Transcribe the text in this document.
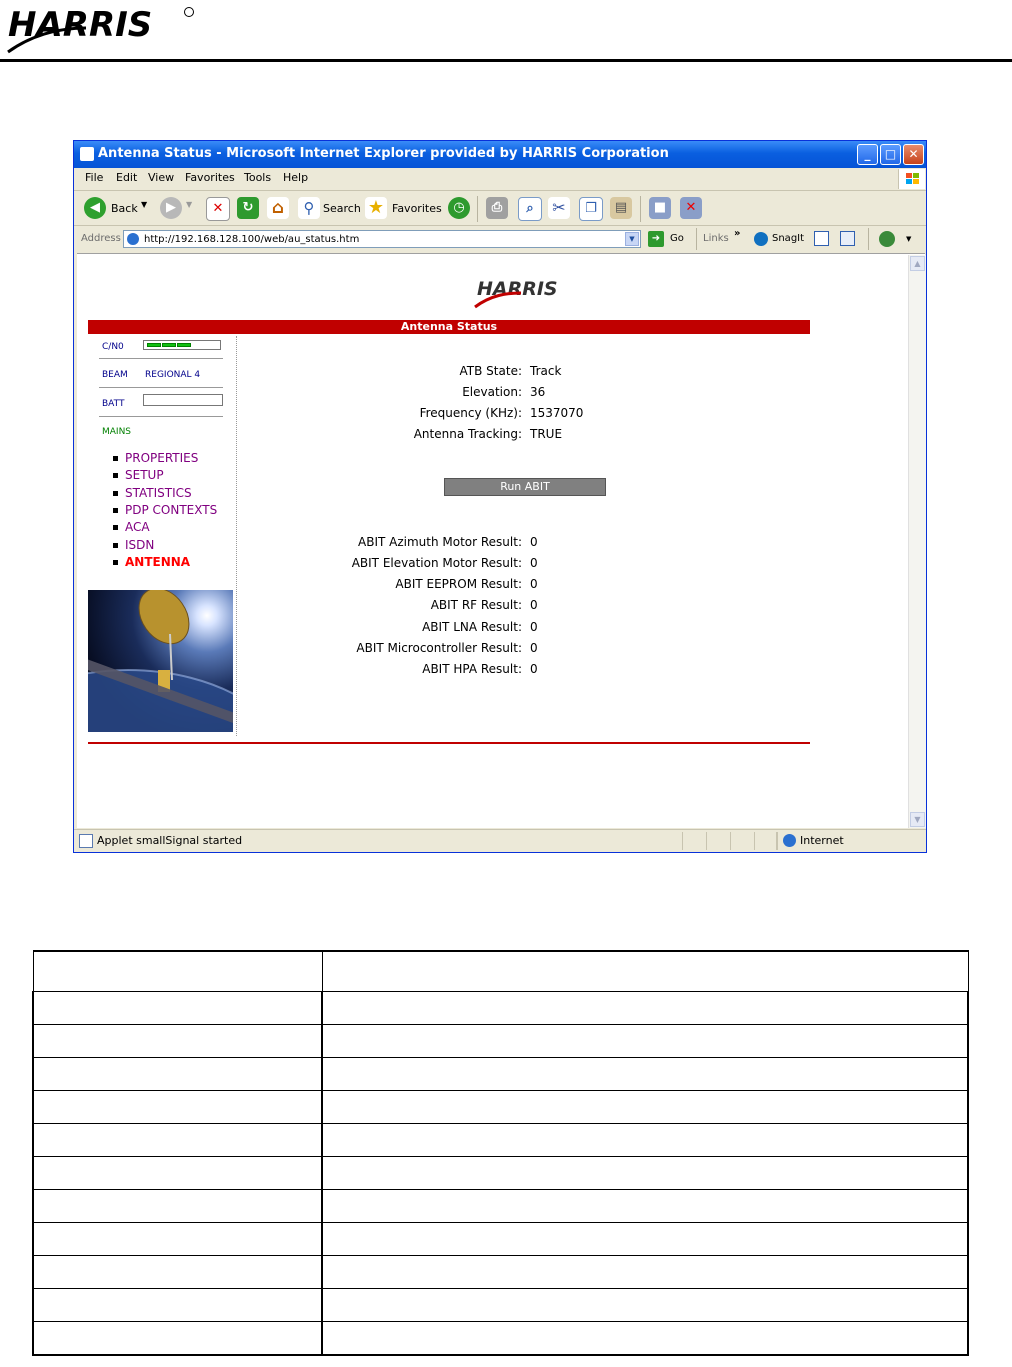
HARRIS
Antenna Status - Microsoft Internet Explorer provided by HARRIS Corporation	_	□	✕
File Edit View Favorites Tools Help
◀	Back ▼	▶	▼	✕	↻	⌂	⚲ Search ★ Favorites ◷	⎙	⌕	✂	❐	▤	■	✕
Address http://192.168.128.100/web/au_status.htm	▼	➜ Go Links »	SnagIt	▼
HARRIS
Antenna Status
C/N0
BEAM REGIONAL 4
BATT
MAINS
PROPERTIES
SETUP
STATISTICS
PDP CONTEXTS
ACA
ISDN
ANTENNA
ATB State: Track
Elevation: 36
Frequency (KHz): 1537070
Antenna Tracking: TRUE
Run ABIT
ABIT Azimuth Motor Result: 0
ABIT Elevation Motor Result: 0
ABIT EEPROM Result: 0
ABIT RF Result: 0
ABIT LNA Result: 0
ABIT Microcontroller Result: 0
ABIT HPA Result: 0
▲
▼
Applet smallSignal started	Internet
